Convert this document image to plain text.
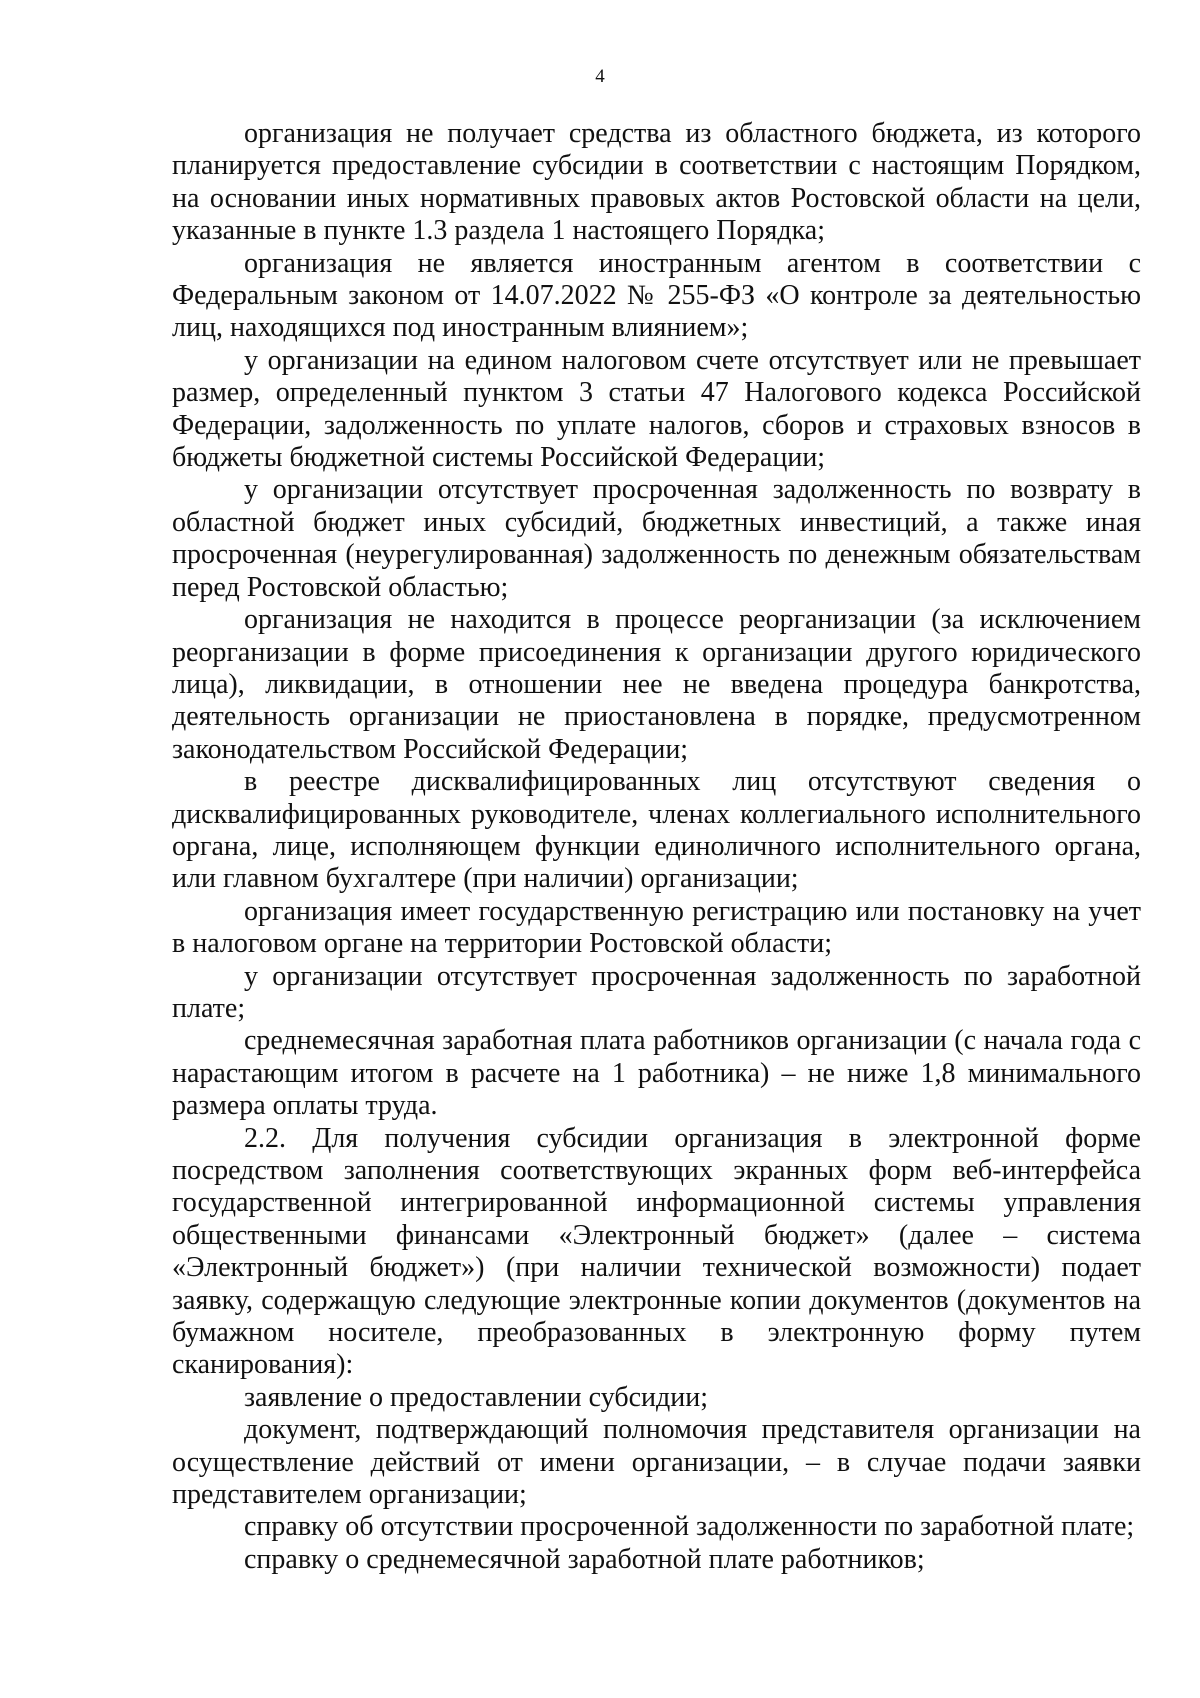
4

организация не получает средства из областного бюджета, из которого планируется предоставление субсидии в соответствии с настоящим Порядком, на основании иных нормативных правовых актов Ростовской области на цели, указанные в пункте 1.3 раздела 1 настоящего Порядка;

организация не является иностранным агентом в соответствии с Федеральным законом от 14.07.2022 № 255-ФЗ «О контроле за деятельностью лиц, находящихся под иностранным влиянием»;

у организации на едином налоговом счете отсутствует или не превышает размер, определенный пунктом 3 статьи 47 Налогового кодекса Российской Федерации, задолженность по уплате налогов, сборов и страховых взносов в бюджеты бюджетной системы Российской Федерации;

у организации отсутствует просроченная задолженность по возврату в областной бюджет иных субсидий, бюджетных инвестиций, а также иная просроченная (неурегулированная) задолженность по денежным обязательствам перед Ростовской областью;

организация не находится в процессе реорганизации (за исключением реорганизации в форме присоединения к организации другого юридического лица), ликвидации, в отношении нее не введена процедура банкротства, деятельность организации не приостановлена в порядке, предусмотренном законодательством Российской Федерации;

в реестре дисквалифицированных лиц отсутствуют сведения о дисквалифицированных руководителе, членах коллегиального исполнительного органа, лице, исполняющем функции единоличного исполнительного органа, или главном бухгалтере (при наличии) организации;

организация имеет государственную регистрацию или постановку на учет в налоговом органе на территории Ростовской области;

у организации отсутствует просроченная задолженность по заработной плате;

среднемесячная заработная плата работников организации (с начала года с нарастающим итогом в расчете на 1 работника) – не ниже 1,8 минимального размера оплаты труда.

2.2. Для получения субсидии организация в электронной форме посредством заполнения соответствующих экранных форм веб-интерфейса государственной интегрированной информационной системы управления общественными финансами «Электронный бюджет» (далее – система «Электронный бюджет») (при наличии технической возможности) подает заявку, содержащую следующие электронные копии документов (документов на бумажном носителе, преобразованных в электронную форму путем сканирования):

заявление о предоставлении субсидии;

документ, подтверждающий полномочия представителя организации на осуществление действий от имени организации, – в случае подачи заявки представителем организации;

справку об отсутствии просроченной задолженности по заработной плате;

справку о среднемесячной заработной плате работников;
